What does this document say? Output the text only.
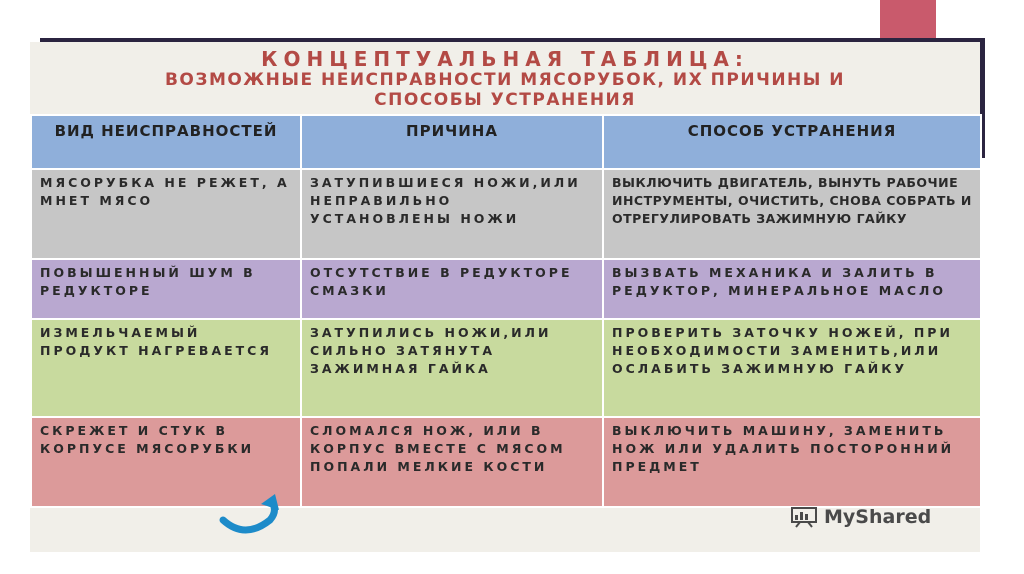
КОНЦЕПТУАЛЬНАЯ ТАБЛИЦА:
ВОЗМОЖНЫЕ НЕИСПРАВНОСТИ МЯСОРУБОК, ИХ ПРИЧИНЫ И
СПОСОБЫ УСТРАНЕНИЯ
ВИД НЕИСПРАВНОСТЕЙ	ПРИЧИНА	СПОСОБ УСТРАНЕНИЯ
МЯСОРУБКА НЕ РЕЖЕТ, А МНЕТ МЯСО	ЗАТУПИВШИЕСЯ НОЖИ,ИЛИ НЕПРАВИЛЬНО УСТАНОВЛЕНЫ НОЖИ	ВЫКЛЮЧИТЬ ДВИГАТЕЛЬ, ВЫНУТЬ РАБОЧИЕ ИНСТРУМЕНТЫ, ОЧИСТИТЬ, СНОВА СОБРАТЬ И ОТРЕГУЛИРОВАТЬ ЗАЖИМНУЮ ГАЙКУ
ПОВЫШЕННЫЙ ШУМ В РЕДУКТОРЕ	ОТСУТСТВИЕ В РЕДУКТОРЕ СМАЗКИ	ВЫЗВАТЬ МЕХАНИКА И ЗАЛИТЬ В РЕДУКТОР, МИНЕРАЛЬНОЕ МАСЛО
ИЗМЕЛЬЧАЕМЫЙ ПРОДУКТ НАГРЕВАЕТСЯ	ЗАТУПИЛИСЬ НОЖИ,ИЛИ СИЛЬНО ЗАТЯНУТА ЗАЖИМНАЯ ГАЙКА	ПРОВЕРИТЬ ЗАТОЧКУ НОЖЕЙ, ПРИ НЕОБХОДИМОСТИ ЗАМЕНИТЬ,ИЛИ ОСЛАБИТЬ ЗАЖИМНУЮ ГАЙКУ
СКРЕЖЕТ И СТУК В КОРПУСЕ МЯСОРУБКИ	СЛОМАЛСЯ НОЖ, ИЛИ В КОРПУС ВМЕСТЕ С МЯСОМ ПОПАЛИ МЕЛКИЕ КОСТИ	ВЫКЛЮЧИТЬ МАШИНУ, ЗАМЕНИТЬ НОЖ ИЛИ УДАЛИТЬ ПОСТОРОННИЙ ПРЕДМЕТ
MyShared
